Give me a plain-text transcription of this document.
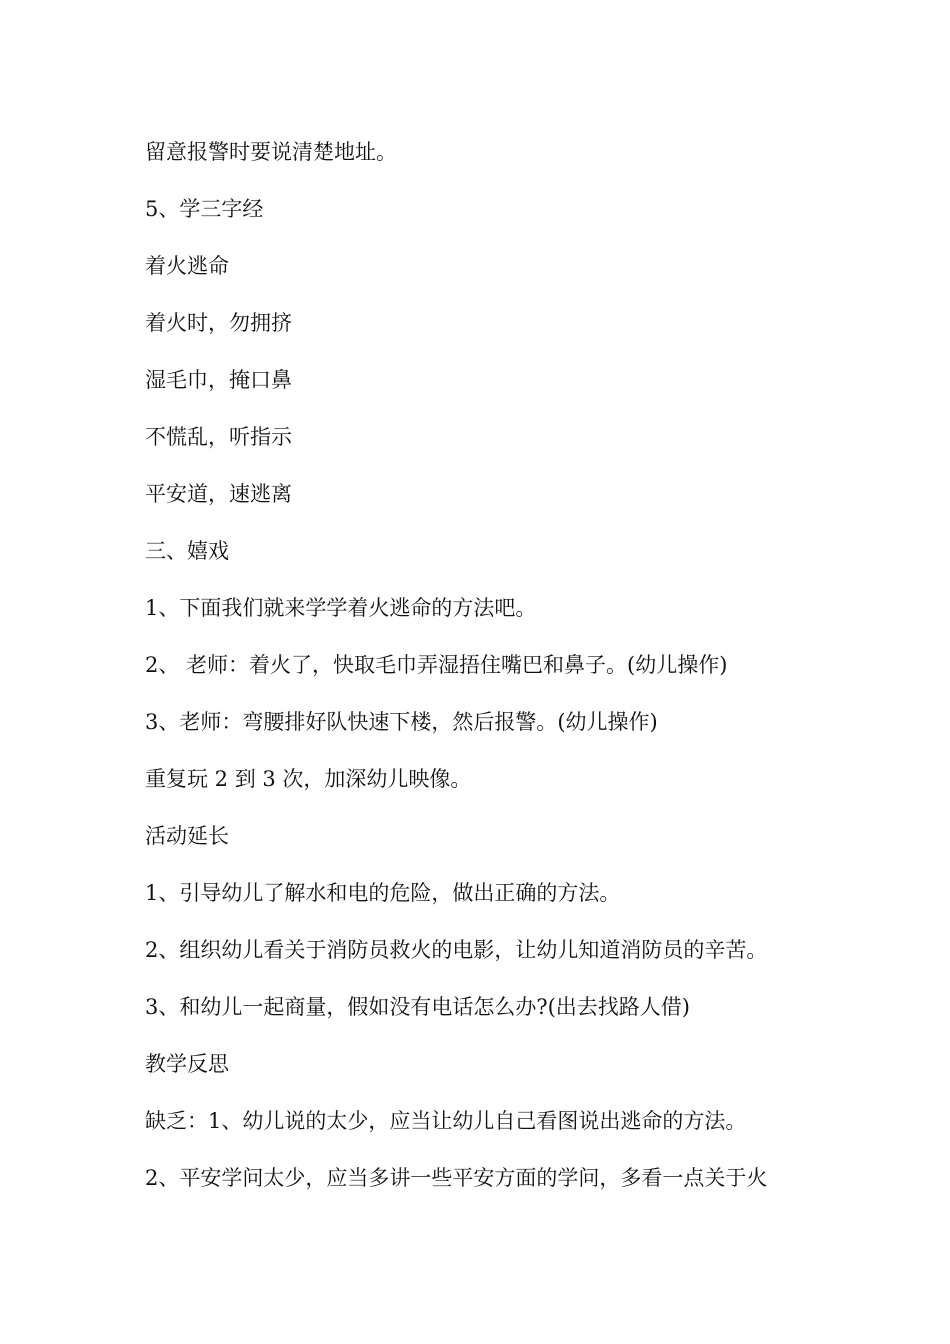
留意报警时要说清楚地址。

5、学三字经

着火逃命

着火时，勿拥挤

湿毛巾，掩口鼻

不慌乱，听指示

平安道，速逃离

三、嬉戏

1、下面我们就来学学着火逃命的方法吧。

2、 老师：着火了，快取毛巾弄湿捂住嘴巴和鼻子。(幼儿操作)

3、老师：弯腰排好队快速下楼，然后报警。(幼儿操作)

重复玩 2 到 3 次，加深幼儿映像。

活动延长

1、引导幼儿了解水和电的危险，做出正确的方法。

2、组织幼儿看关于消防员救火的电影，让幼儿知道消防员的辛苦。

3、和幼儿一起商量，假如没有电话怎么办?(出去找路人借)

教学反思

缺乏：1、幼儿说的太少，应当让幼儿自己看图说出逃命的方法。

2、平安学问太少，应当多讲一些平安方面的学问，多看一点关于火
